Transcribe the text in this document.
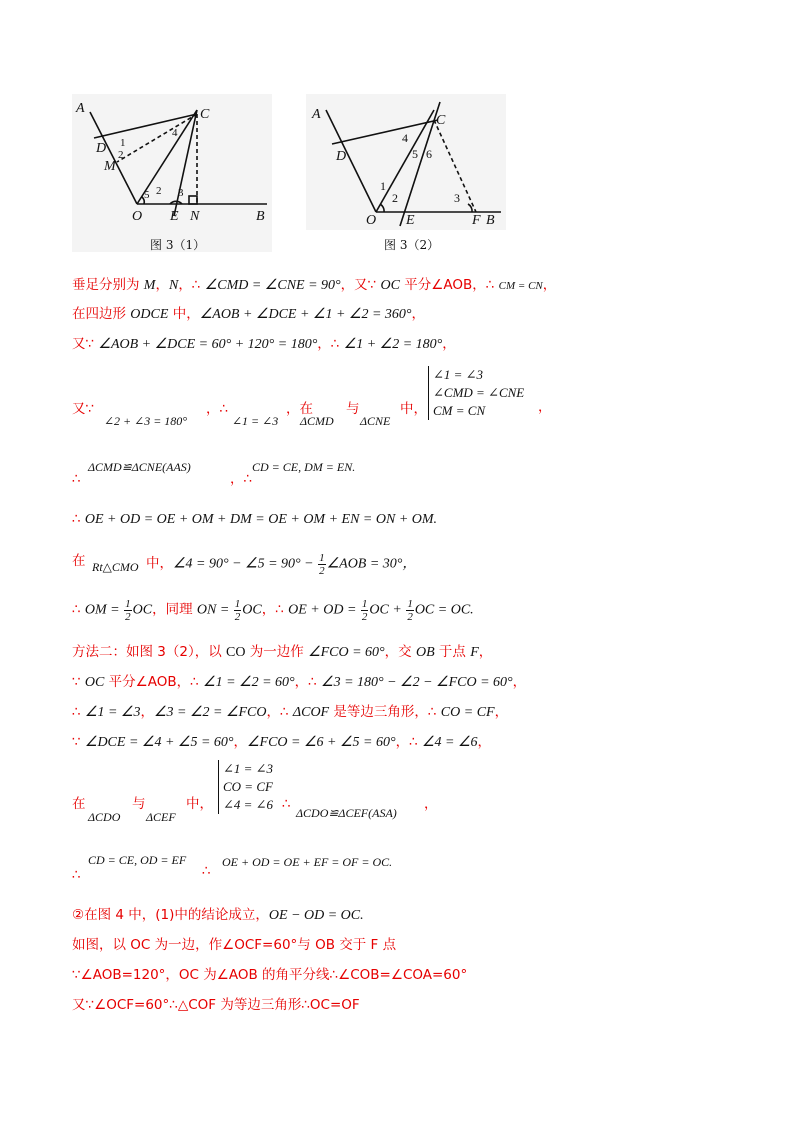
A	C
D
M
O E N	B
1
2
4
5 2 3
图 3（1）
A	C
D
O E	F B
4
5 6
1
2	3
图 3（2）
垂足分别为 M，N，∴ ∠CMD = ∠CNE = 90°，又∵ OC 平分∠AOB，∴ CM = CN，
在四边形 ODCE 中，∠AOB + ∠DCE + ∠1 + ∠2 = 360°，
又∵ ∠AOB + ∠DCE = 60° + 120° = 180°，∴ ∠1 + ∠2 = 180°，
又∵
∠2 + ∠3 = 180°
，∴
∠1 = ∠3
，在
ΔCMD
与
ΔCNE
中，
∠1 = ∠3
∠CMD = ∠CNE
CM = CN	，
∴
ΔCMD≌ΔCNE(AAS)
，∴
CD = CE, DM = EN.
∴ OE + OD = OE + OM + DM = OE + OM + EN = ON + OM.
在 Rt△CMO 中，∠4 = 90° − ∠5 = $90^\circ - \frac{1}{2}$ ∠AOB = 30°，
∴ OM = $\frac{1}{2}$ OC，同理 ON = $\frac{1}{2}$ OC，∴ OE + OD = $\frac{1}{2}$ OC + $\frac{1}{2}$ OC = OC.
方法二：如图 3（2），以 CO 为一边作 ∠FCO = 60°，交 OB 于点 F，
∵ OC 平分∠AOB，∴ ∠1 = ∠2 = 60°，∴ ∠3 = 180° − ∠2 − ∠FCO = 60°，
∴ ∠1 = ∠3，∠3 = ∠2 = ∠FCO，∴ ΔCOF 是等边三角形，∴ CO = CF，
∵ ∠DCE = ∠4 + ∠5 = 60°，∠FCO = ∠6 + ∠5 = 60°，∴ ∠4 = ∠6，
在
ΔCDO
与
ΔCEF
中，
∠1 = ∠3
CO = CF
∠4 = ∠6 ∴
ΔCDO≌ΔCEF(ASA)
，
∴
CD = CE, OD = EF
∴
OE + OD = OE + EF = OF = OC.
②在图 4 中，(1)中的结论成立，OE − OD = OC.
如图，以 OC 为一边，作∠OCF=60°与 OB 交于 F 点
∵∠AOB=120°，OC 为∠AOB 的角平分线∴∠COB=∠COA=60°
又∵∠OCF=60°∴△COF 为等边三角形∴OC=OF
